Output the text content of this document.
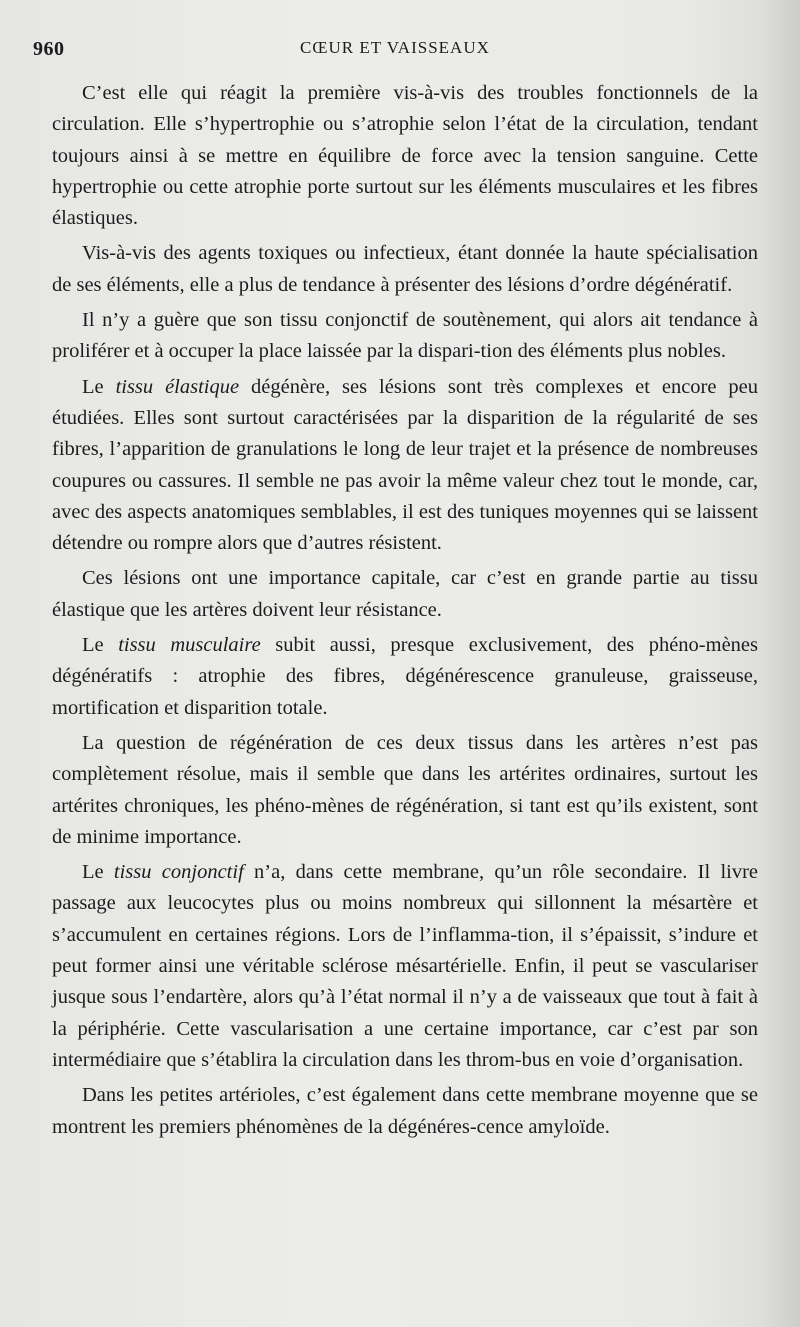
960	CŒUR ET VAISSEAUX

C’est elle qui réagit la première vis-à-vis des troubles fonctionnels de la circulation. Elle s’hypertrophie ou s’atrophie selon l’état de la circulation, tendant toujours ainsi à se mettre en équilibre de force avec la tension sanguine. Cette hypertrophie ou cette atrophie porte surtout sur les éléments musculaires et les fibres élastiques.

Vis-à-vis des agents toxiques ou infectieux, étant donnée la haute spécialisation de ses éléments, elle a plus de tendance à présenter des lésions d’ordre dégénératif.

Il n’y a guère que son tissu conjonctif de soutènement, qui alors ait tendance à proliférer et à occuper la place laissée par la dispari-tion des éléments plus nobles.

Le tissu élastique dégénère, ses lésions sont très complexes et encore peu étudiées. Elles sont surtout caractérisées par la disparition de la régularité de ses fibres, l’apparition de granulations le long de leur trajet et la présence de nombreuses coupures ou cassures. Il semble ne pas avoir la même valeur chez tout le monde, car, avec des aspects anatomiques semblables, il est des tuniques moyennes qui se laissent détendre ou rompre alors que d’autres résistent.

Ces lésions ont une importance capitale, car c’est en grande partie au tissu élastique que les artères doivent leur résistance.

Le tissu musculaire subit aussi, presque exclusivement, des phéno-mènes dégénératifs : atrophie des fibres, dégénérescence granuleuse, graisseuse, mortification et disparition totale.

La question de régénération de ces deux tissus dans les artères n’est pas complètement résolue, mais il semble que dans les artérites ordinaires, surtout les artérites chroniques, les phéno-mènes de régénération, si tant est qu’ils existent, sont de minime importance.

Le tissu conjonctif n’a, dans cette membrane, qu’un rôle secondaire. Il livre passage aux leucocytes plus ou moins nombreux qui sillonnent la mésartère et s’accumulent en certaines régions. Lors de l’inflamma-tion, il s’épaissit, s’indure et peut former ainsi une véritable sclérose mésartérielle. Enfin, il peut se vasculariser jusque sous l’endartère, alors qu’à l’état normal il n’y a de vaisseaux que tout à fait à la périphérie. Cette vascularisation a une certaine importance, car c’est par son intermédiaire que s’établira la circulation dans les throm-bus en voie d’organisation.

Dans les petites artérioles, c’est également dans cette membrane moyenne que se montrent les premiers phénomènes de la dégénéres-cence amyloïde.
